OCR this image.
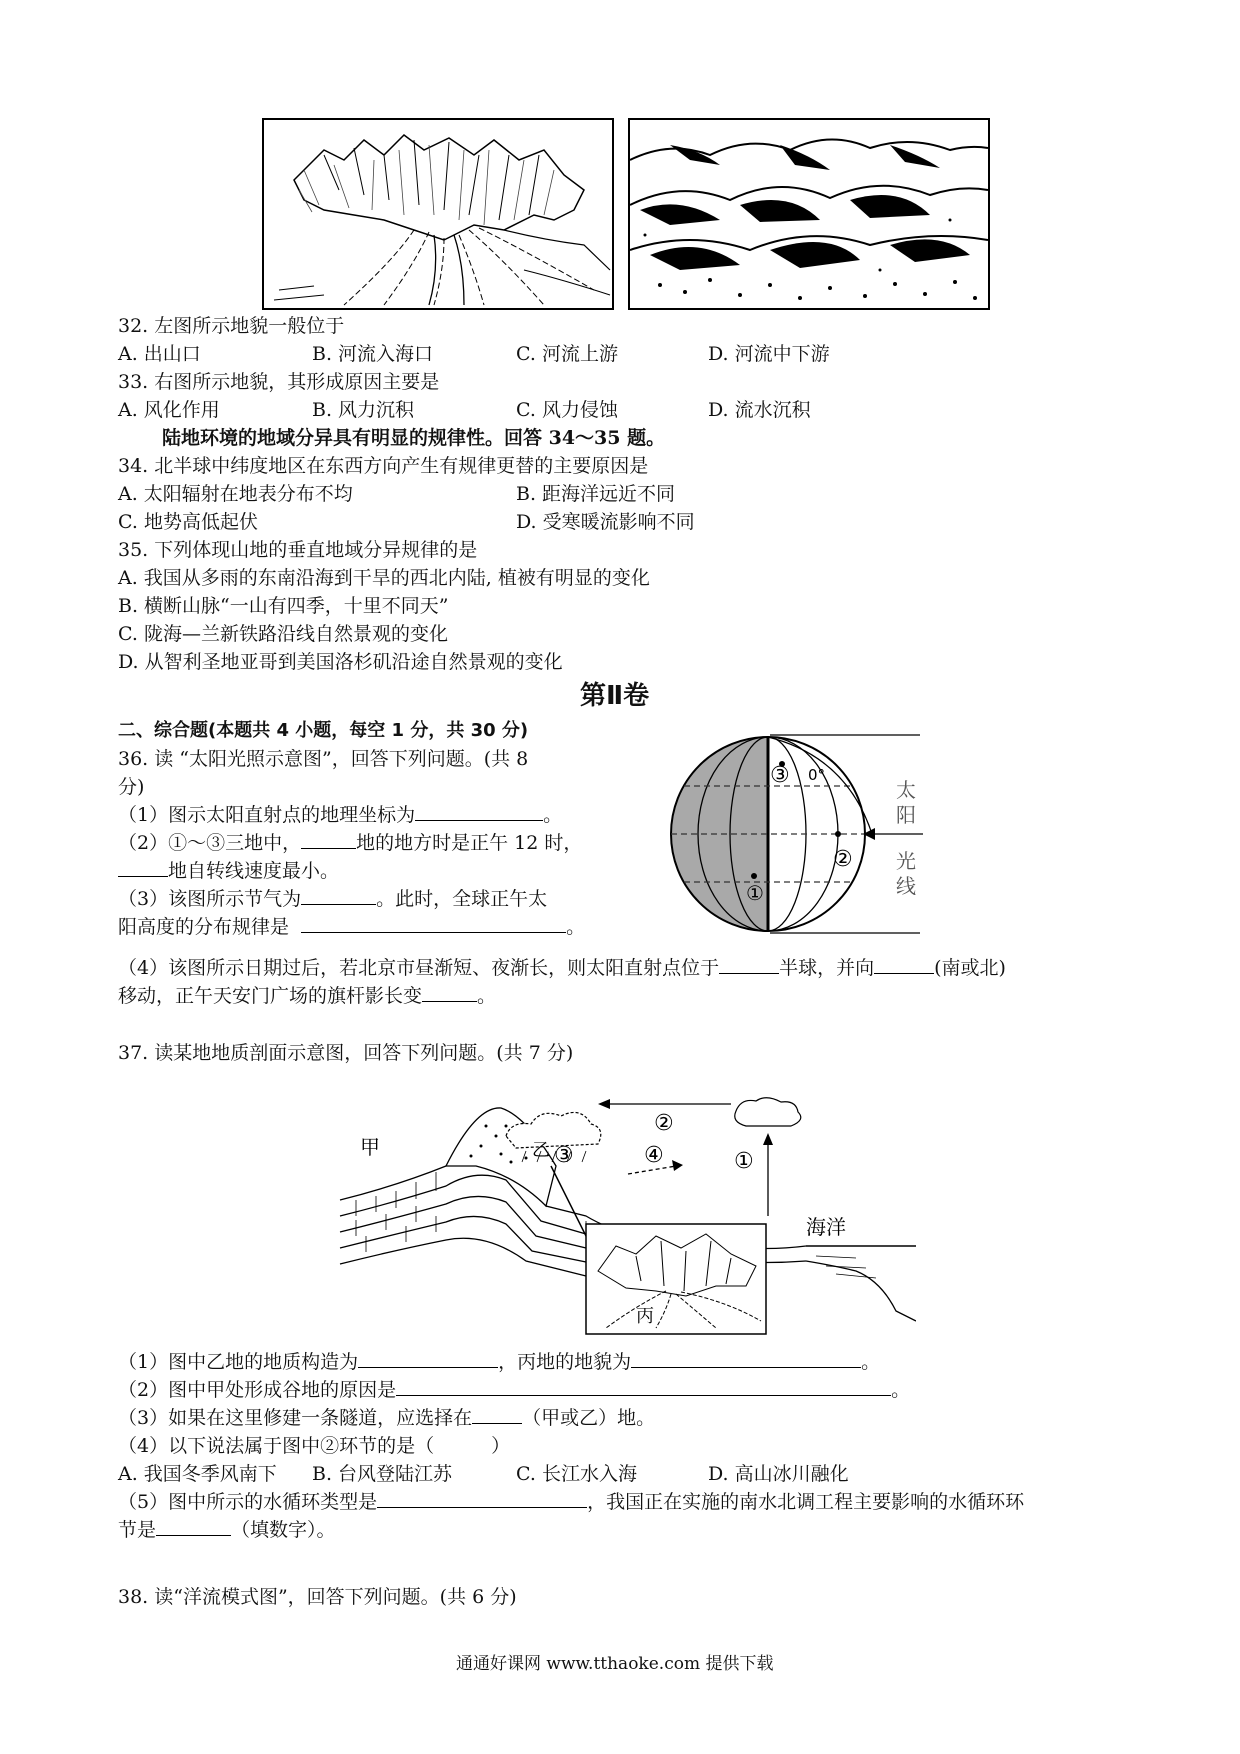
32. 左图所示地貌一般位于
A. 出山口	B. 河流入海口	C. 河流上游	D. 河流中下游
33. 右图所示地貌，其形成原因主要是
A. 风化作用	B. 风力沉积	C. 风力侵蚀	D. 流水沉积
陆地环境的地域分异具有明显的规律性。回答 34～35 题。
34. 北半球中纬度地区在东西方向产生有规律更替的主要原因是
A. 太阳辐射在地表分布不均	B. 距海洋远近不同
C. 地势高低起伏	D. 受寒暖流影响不同
35. 下列体现山地的垂直地域分异规律的是
A. 我国从多雨的东南沿海到干旱的西北内陆, 植被有明显的变化
B. 横断山脉“一山有四季，十里不同天”
C. 陇海—兰新铁路沿线自然景观的变化
D. 从智利圣地亚哥到美国洛杉矶沿途自然景观的变化
第Ⅱ卷
二、综合题(本题共 4 小题，每空 1 分，共 30 分)
36. 读 “太阳光照示意图”，回答下列问题。(共 8
分)
（1）图示太阳直射点的地理坐标为	。
（2）①～③三地中，	地的地方时是正午 12 时，
地自转线速度最小。
（3）该图所示节气为	。此时，全球正午太
阳高度的分布规律是	。
①
②
③ 0°
太
阳
光
线
（4）该图所示日期过后，若北京市昼渐短、夜渐长，则太阳直射点位于	半球，并向	(南或北)
移动，正午天安门广场的旗杆影长变	。
37. 读某地地质剖面示意图，回答下列问题。(共 7 分)
甲	乙
丙
海洋
①
②
③	④
（1）图中乙地的地质构造为	，丙地的地貌为	。
（2）图中甲处形成谷地的原因是	。
（3）如果在这里修建一条隧道，应选择在	（甲或乙）地。
（4）以下说法属于图中②环节的是（　　　）
A. 我国冬季风南下 B. 台风登陆江苏	C. 长江水入海	D. 高山冰川融化
（5）图中所示的水循环类型是	，我国正在实施的南水北调工程主要影响的水循环环
节是	（填数字）。
38. 读“洋流模式图”，回答下列问题。(共 6 分)
通通好课网 www.tthaoke.com 提供下载
